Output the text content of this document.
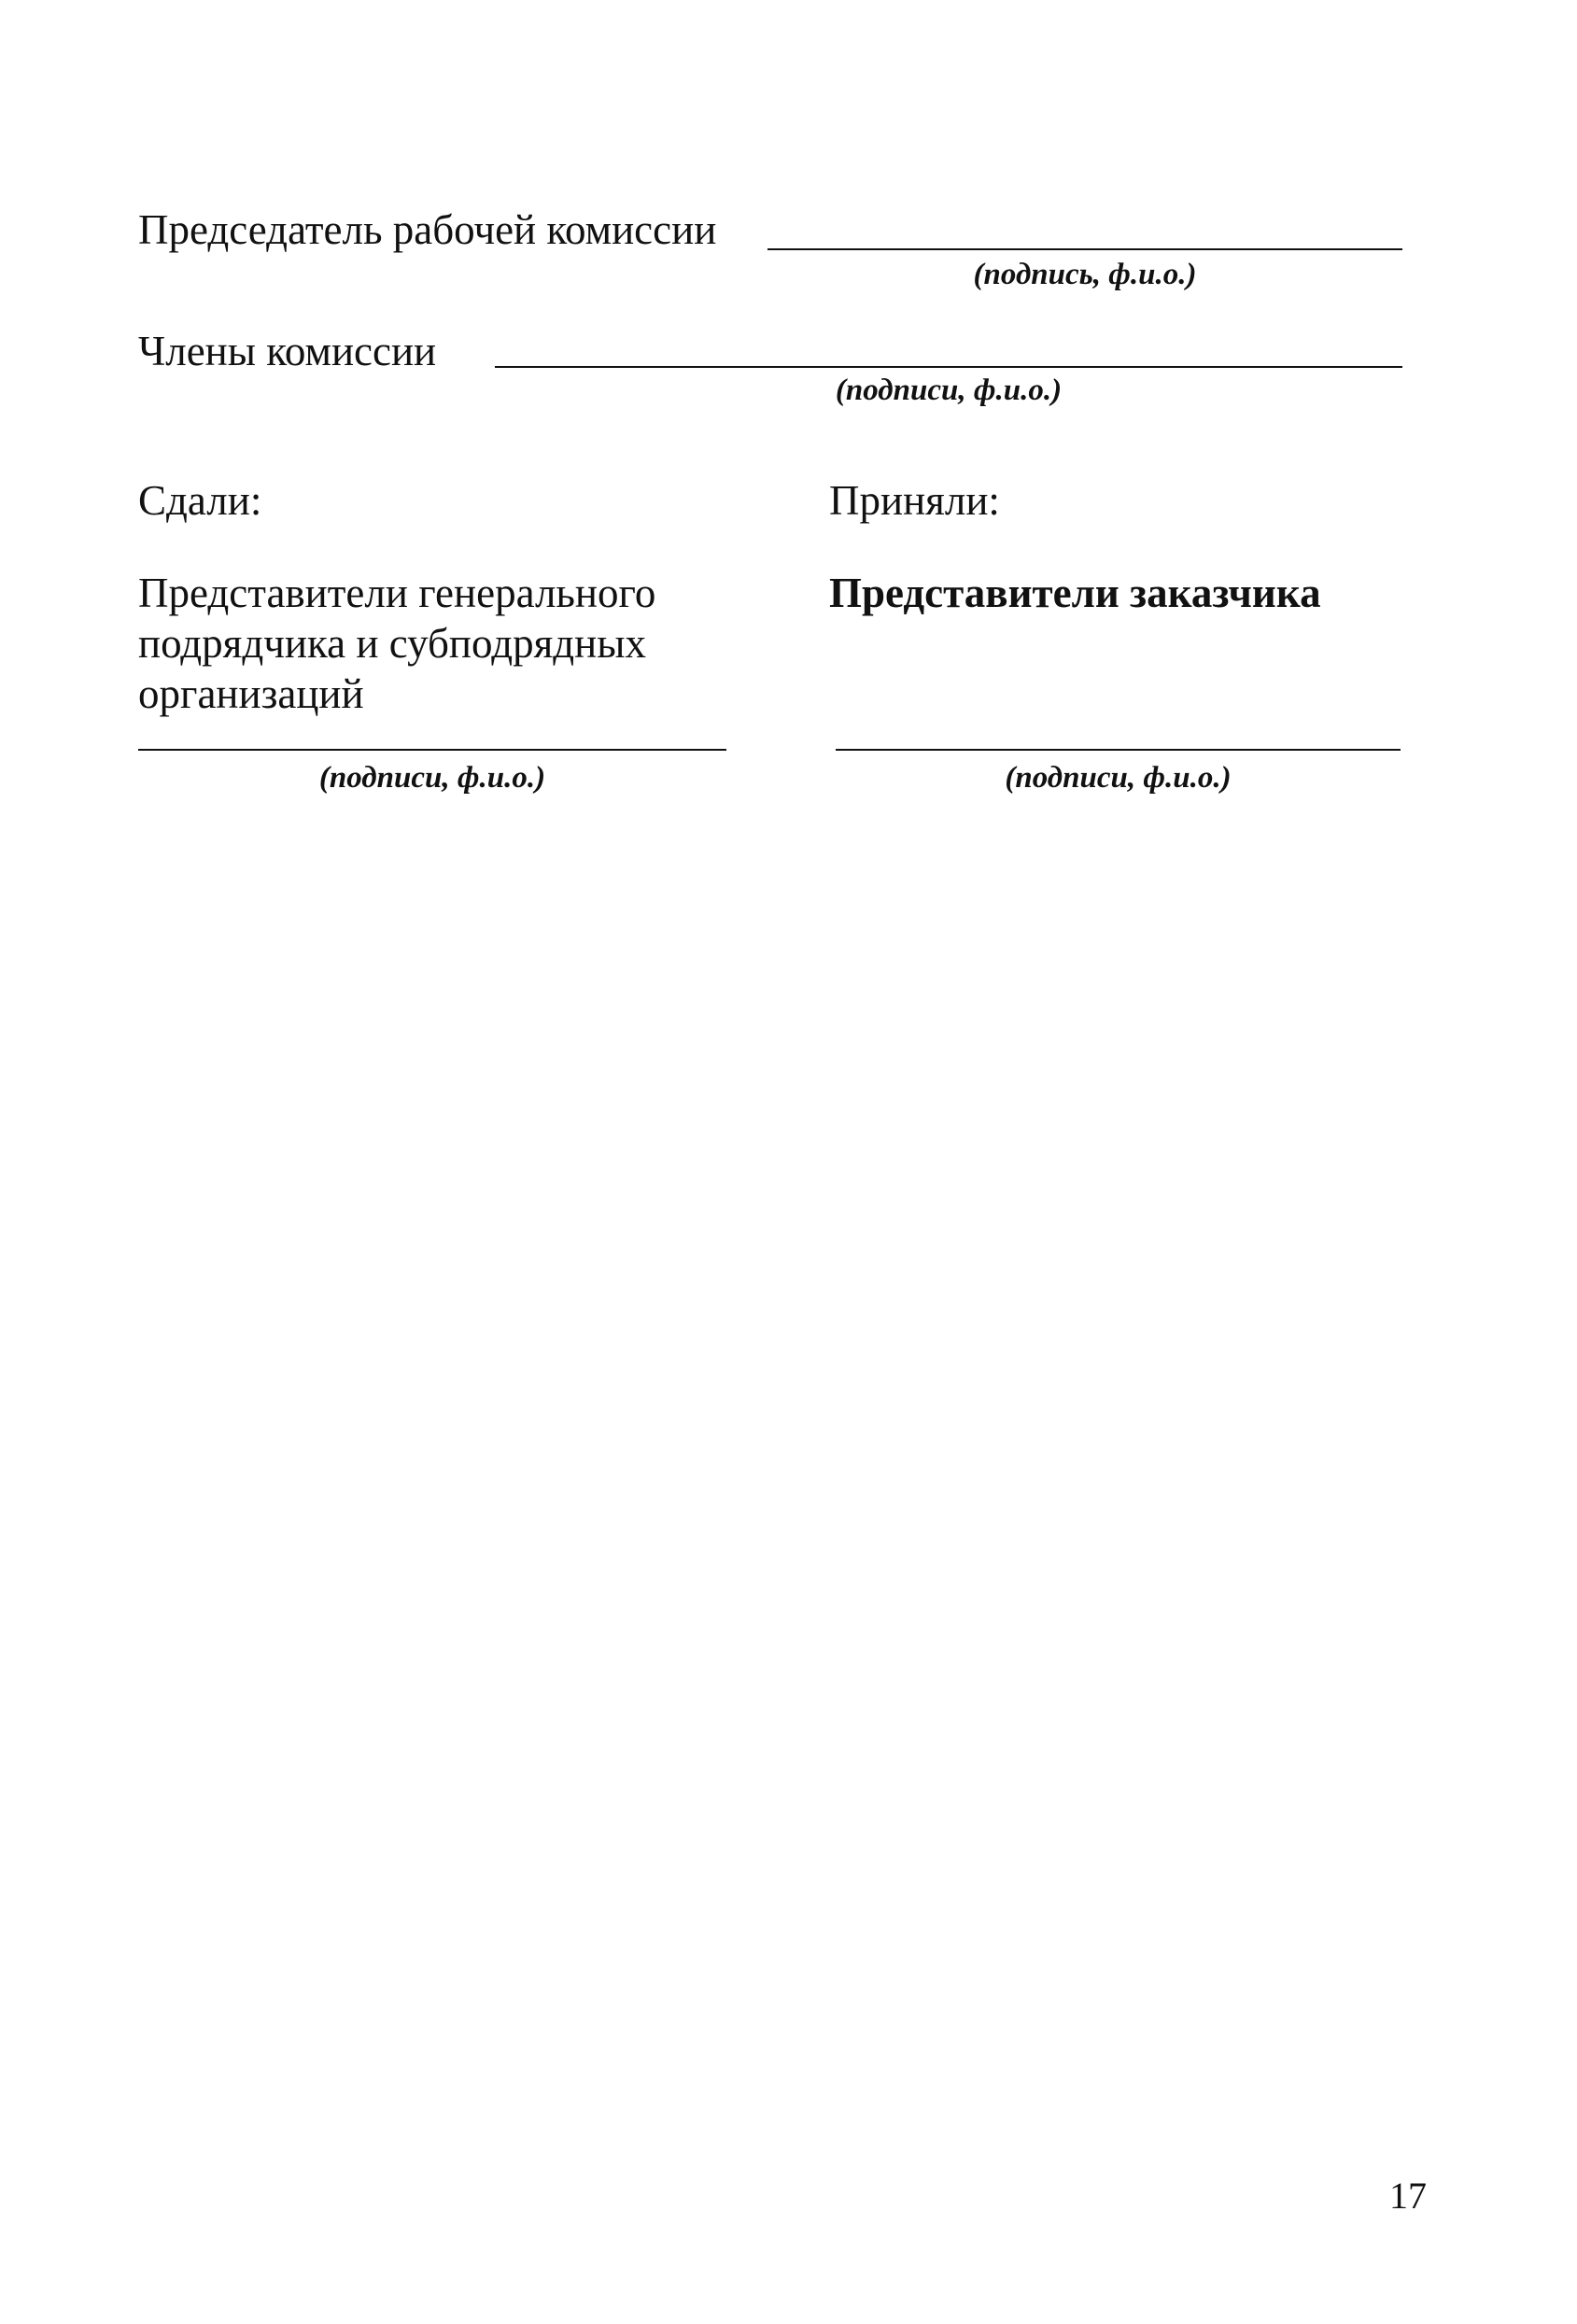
Председатель рабочей комиссии
(подпись, ф.и.о.)
Члены комиссии
(подписи, ф.и.о.)
Сдали:
Представители генерального подрядчика и субподрядных организаций
(подписи, ф.и.о.)
Приняли:
Представители заказчика
(подписи, ф.и.о.)
17
